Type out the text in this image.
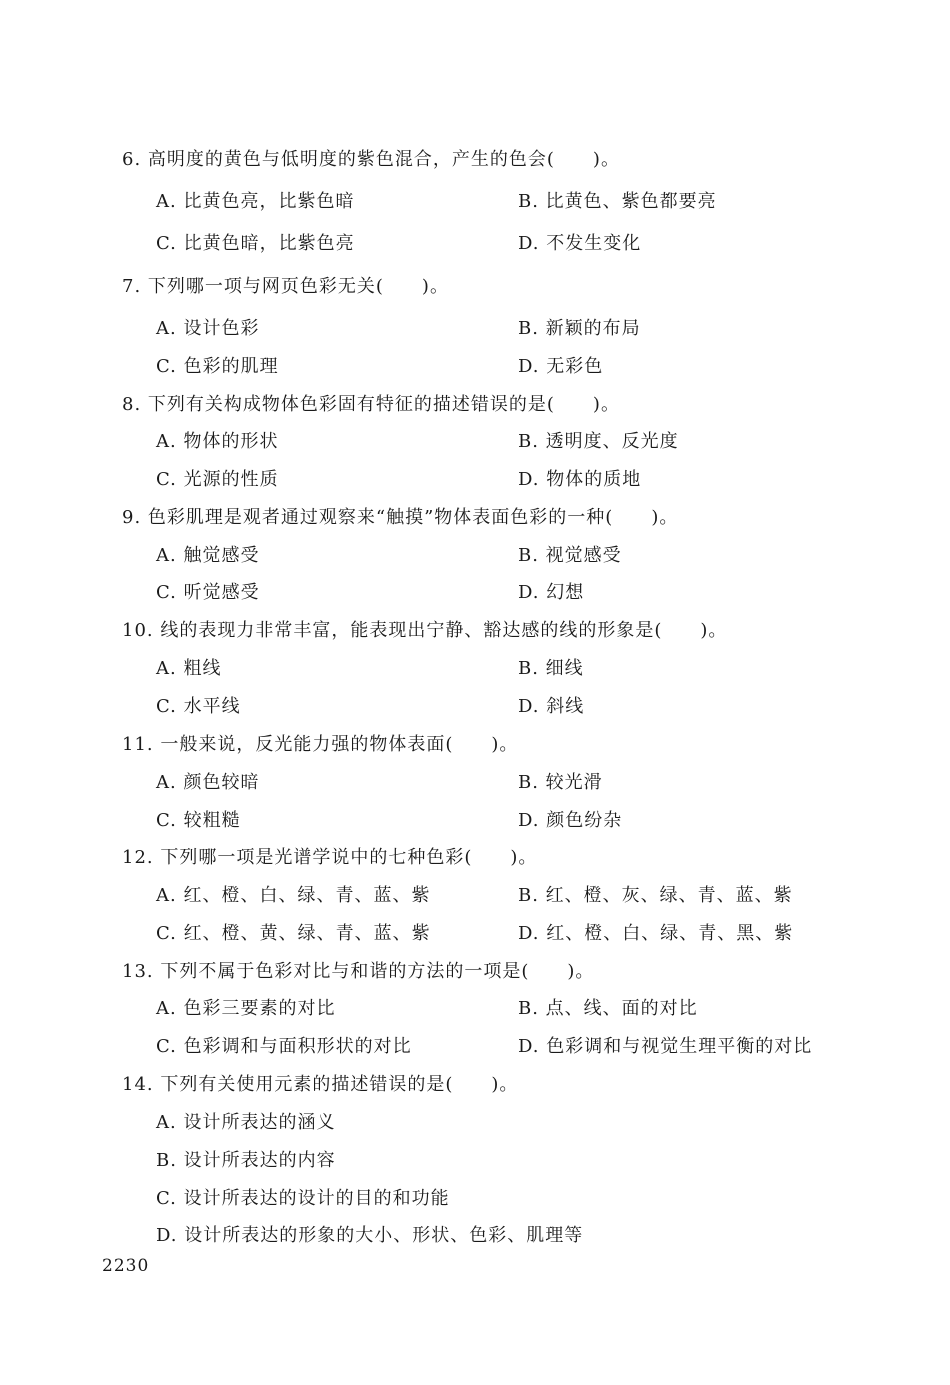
6. 高明度的黄色与低明度的紫色混合，产生的色会(　　)。
A. 比黄色亮，比紫色暗	B. 比黄色、紫色都要亮
C. 比黄色暗，比紫色亮	D. 不发生变化
7. 下列哪一项与网页色彩无关(　　)。
A. 设计色彩	B. 新颖的布局
C. 色彩的肌理	D. 无彩色
8. 下列有关构成物体色彩固有特征的描述错误的是(　　)。
A. 物体的形状	B. 透明度、反光度
C. 光源的性质	D. 物体的质地
9. 色彩肌理是观者通过观察来“触摸”物体表面色彩的一种(　　)。
A. 触觉感受	B. 视觉感受
C. 听觉感受	D. 幻想
10. 线的表现力非常丰富，能表现出宁静、豁达感的线的形象是(　　)。
A. 粗线	B. 细线
C. 水平线	D. 斜线
11. 一般来说，反光能力强的物体表面(　　)。
A. 颜色较暗	B. 较光滑
C. 较粗糙	D. 颜色纷杂
12. 下列哪一项是光谱学说中的七种色彩(　　)。
A. 红、橙、白、绿、青、蓝、紫	B. 红、橙、灰、绿、青、蓝、紫
C. 红、橙、黄、绿、青、蓝、紫	D. 红、橙、白、绿、青、黑、紫
13. 下列不属于色彩对比与和谐的方法的一项是(　　)。
A. 色彩三要素的对比	B. 点、线、面的对比
C. 色彩调和与面积形状的对比	D. 色彩调和与视觉生理平衡的对比
14. 下列有关使用元素的描述错误的是(　　)。
A. 设计所表达的涵义
B. 设计所表达的内容
C. 设计所表达的设计的目的和功能
D. 设计所表达的形象的大小、形状、色彩、肌理等
2230
